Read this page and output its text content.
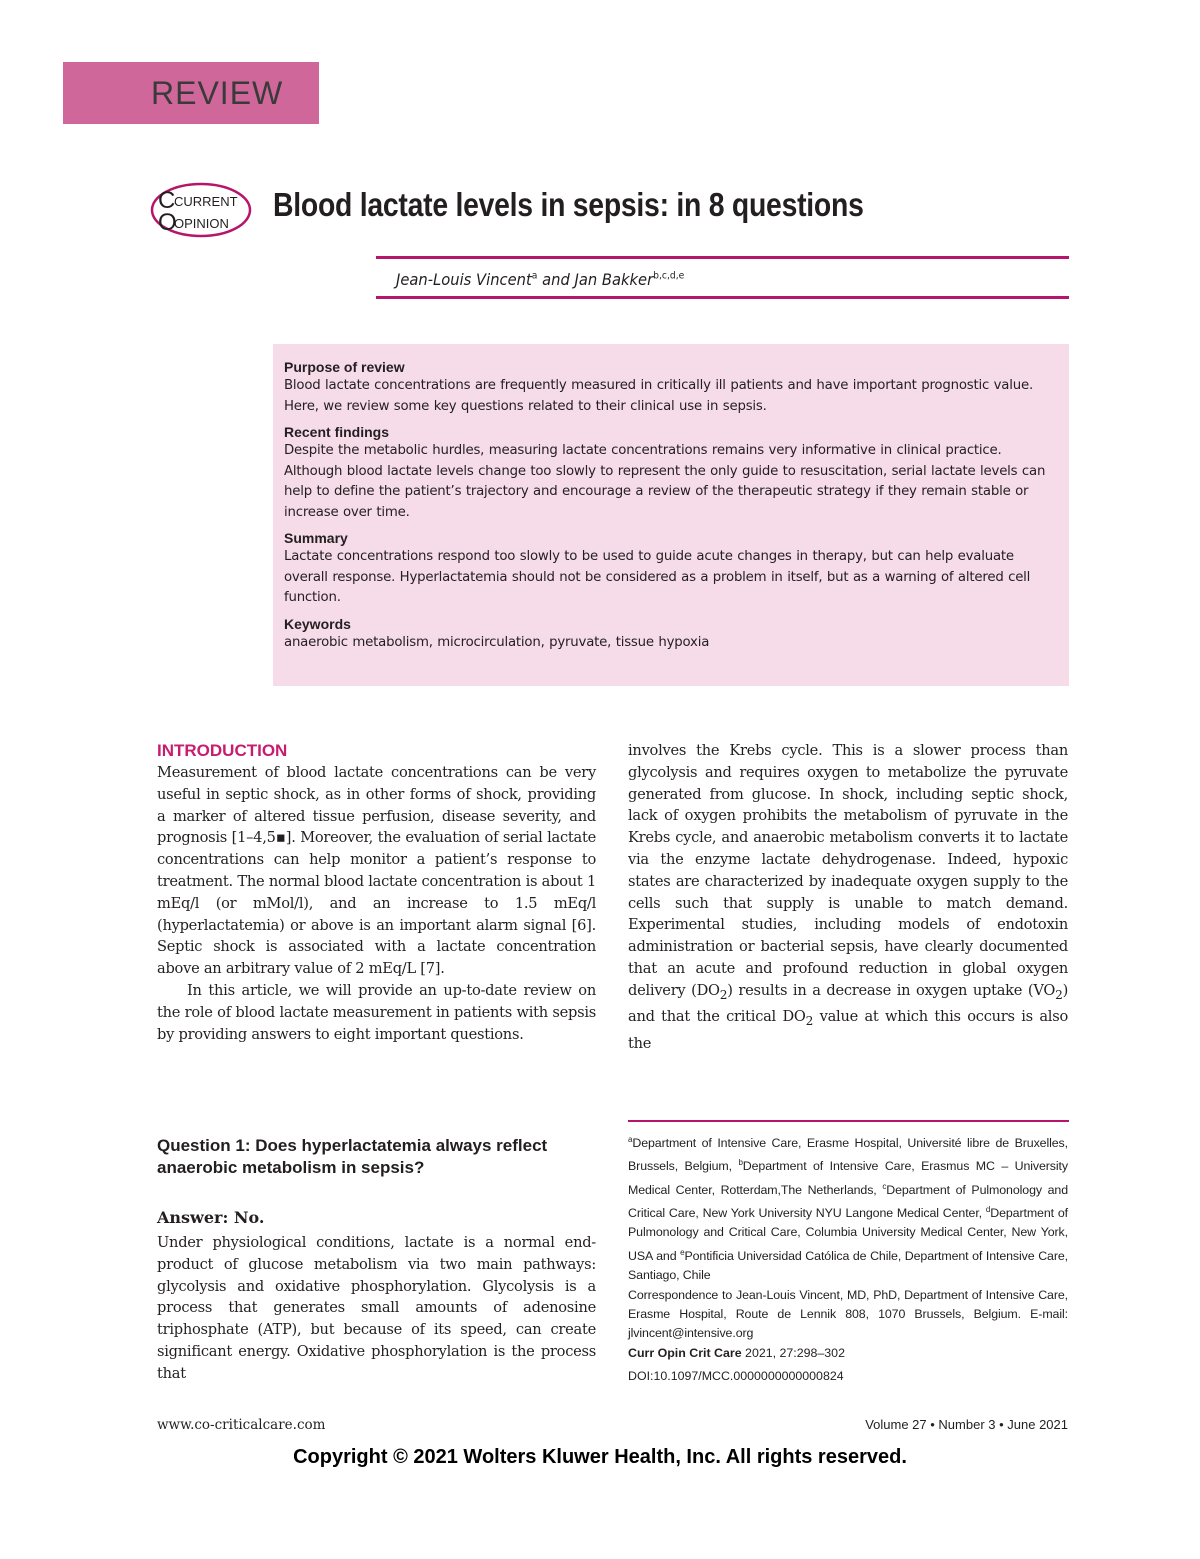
REVIEW
C
O
CURRENT
OPINION
Blood lactate levels in sepsis: in 8 questions
Jean-Louis Vincent$^a$ and Jan Bakker$^{b,c,d,e}$
Purpose of review
Blood lactate concentrations are frequently measured in critically ill patients and have important prognostic value. Here, we review some key questions related to their clinical use in sepsis.
Recent findings
Despite the metabolic hurdles, measuring lactate concentrations remains very informative in clinical practice. Although blood lactate levels change too slowly to represent the only guide to resuscitation, serial lactate levels can help to define the patient’s trajectory and encourage a review of the therapeutic strategy if they remain stable or increase over time.
Summary
Lactate concentrations respond too slowly to be used to guide acute changes in therapy, but can help evaluate overall response. Hyperlactatemia should not be considered as a problem in itself, but as a warning of altered cell function.
Keywords
anaerobic metabolism, microcirculation, pyruvate, tissue hypoxia
INTRODUCTION

Measurement of blood lactate concentrations can be very useful in septic shock, as in other forms of shock, providing a marker of altered tissue perfusion, disease severity, and prognosis [1–4,5▪]. Moreover, the evaluation of serial lactate concentrations can help monitor a patient’s response to treatment. The normal blood lactate concentration is about 1 mEq/l (or mMol/l), and an increase to 1.5 mEq/l (hyperlactatemia) or above is an important alarm signal [6]. Septic shock is associated with a lactate concentration above an arbitrary value of 2 mEq/L [7].

In this article, we will provide an up-to-date review on the role of blood lactate measurement in patients with sepsis by providing answers to eight important questions.

Question 1: Does hyperlactatemia always reflect anaerobic metabolism in sepsis?
Answer: No.

Under physiological conditions, lactate is a normal end-product of glucose metabolism via two main pathways: glycolysis and oxidative phosphorylation. Glycolysis is a process that generates small amounts of adenosine triphosphate (ATP), but because of its speed, can create significant energy. Oxidative phosphorylation is the process that

involves the Krebs cycle. This is a slower process than glycolysis and requires oxygen to metabolize the pyruvate generated from glucose. In shock, including septic shock, lack of oxygen prohibits the metabolism of pyruvate in the Krebs cycle, and anaerobic metabolism converts it to lactate via the enzyme lactate dehydrogenase. Indeed, hypoxic states are characterized by inadequate oxygen supply to the cells such that supply is unable to match demand. Experimental studies, including models of endotoxin administration or bacterial sepsis, have clearly documented that an acute and profound reduction in global oxygen delivery $(DO_2)$ results in a decrease in oxygen uptake $(VO_2)$ and that the critical $DO_2$ value at which this occurs is also the

$^a$Department of Intensive Care, Erasme Hospital, Université libre de Bruxelles, Brussels, Belgium, $^b$Department of Intensive Care, Erasmus MC – University Medical Center, Rotterdam,The Netherlands, $^c$Department of Pulmonology and Critical Care, New York University NYU Langone Medical Center, $^d$Department of Pulmonology and Critical Care, Columbia University Medical Center, New York, USA and $^e$Pontificia Universidad Católica de Chile, Department of Intensive Care, Santiago, Chile
Correspondence to Jean-Louis Vincent, MD, PhD, Department of Intensive Care, Erasme Hospital, Route de Lennik 808, 1070 Brussels, Belgium. E-mail: jlvincent@intensive.org
Curr Opin Crit Care 2021, 27:298–302
DOI:10.1097/MCC.0000000000000824
www.co-criticalcare.com	Volume 27 • Number 3 • June 2021
Copyright © 2021 Wolters Kluwer Health, Inc. All rights reserved.
